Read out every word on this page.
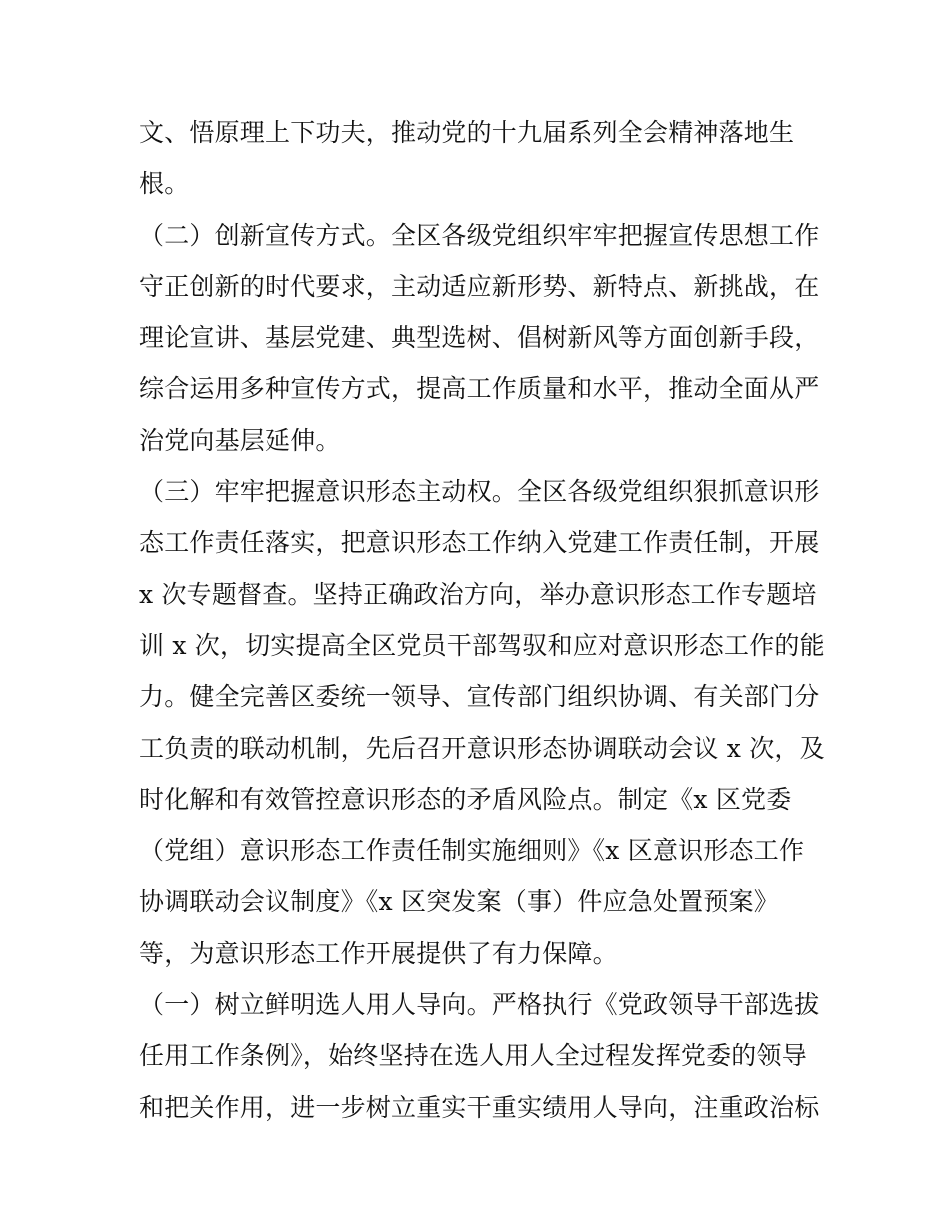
文、悟原理上下功夫，推动党的十九届系列全会精神落地生
根。
（二）创新宣传方式。全区各级党组织牢牢把握宣传思想工作
守正创新的时代要求，主动适应新形势、新特点、新挑战，在
理论宣讲、基层党建、典型选树、倡树新风等方面创新手段，
综合运用多种宣传方式，提高工作质量和水平，推动全面从严
治党向基层延伸。
（三）牢牢把握意识形态主动权。全区各级党组织狠抓意识形
态工作责任落实，把意识形态工作纳入党建工作责任制，开展
x 次专题督查。坚持正确政治方向，举办意识形态工作专题培
训 x 次，切实提高全区党员干部驾驭和应对意识形态工作的能
力。健全完善区委统一领导、宣传部门组织协调、有关部门分
工负责的联动机制，先后召开意识形态协调联动会议 x 次，及
时化解和有效管控意识形态的矛盾风险点。制定《x 区党委
（党组）意识形态工作责任制实施细则》《x 区意识形态工作
协调联动会议制度》《x 区突发案（事）件应急处置预案》
等，为意识形态工作开展提供了有力保障。
（一）树立鲜明选人用人导向。严格执行《党政领导干部选拔
任用工作条例》，始终坚持在选人用人全过程发挥党委的领导
和把关作用，进一步树立重实干重实绩用人导向，注重政治标
